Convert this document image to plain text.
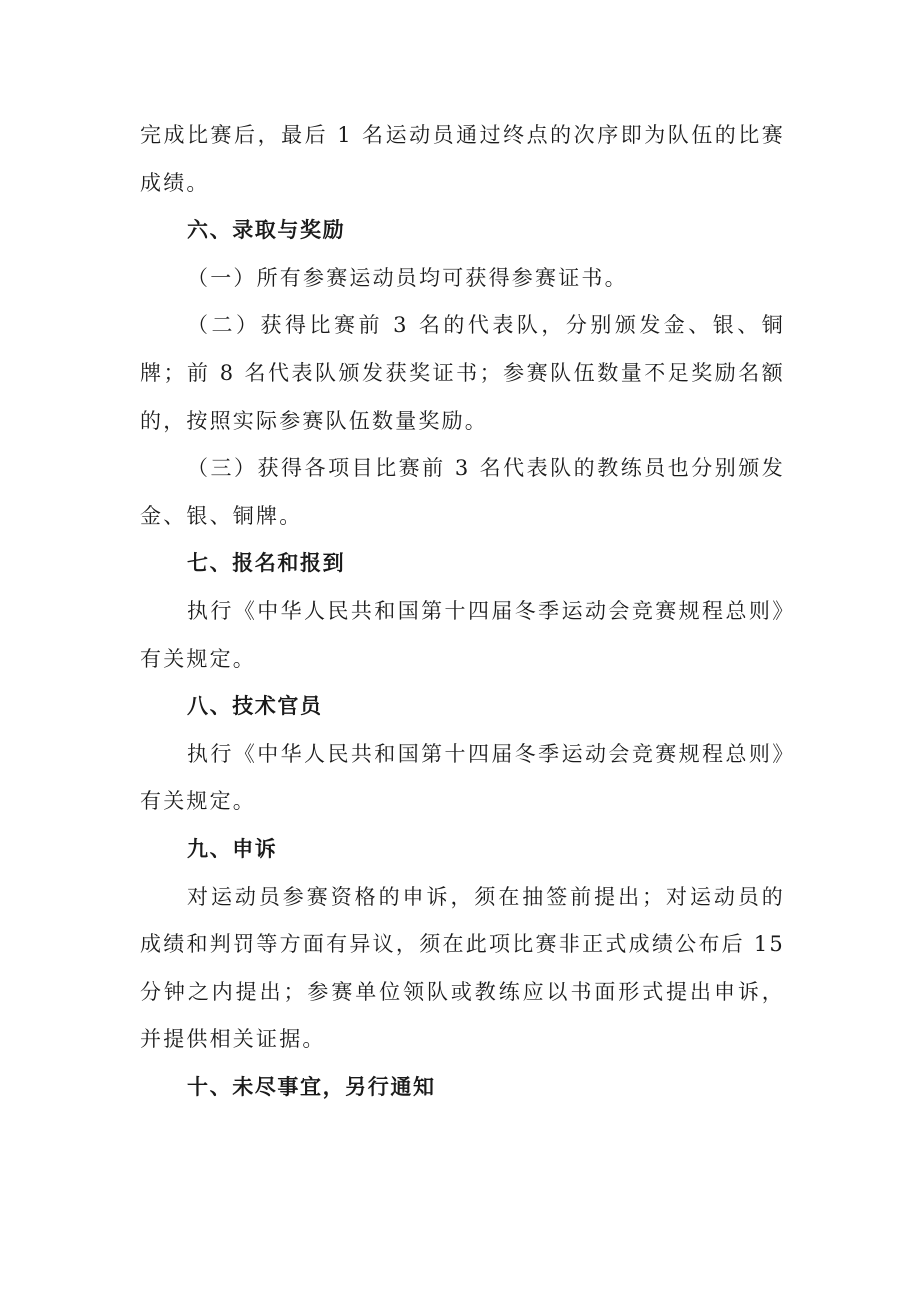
完成比赛后，最后 1 名运动员通过终点的次序即为队伍的比赛成绩。

六、录取与奖励

（一）所有参赛运动员均可获得参赛证书。

（二）获得比赛前 3 名的代表队，分别颁发金、银、铜牌；前 8 名代表队颁发获奖证书；参赛队伍数量不足奖励名额的，按照实际参赛队伍数量奖励。

（三）获得各项目比赛前 3 名代表队的教练员也分别颁发金、银、铜牌。

七、报名和报到

执行《中华人民共和国第十四届冬季运动会竞赛规程总则》有关规定。

八、技术官员

执行《中华人民共和国第十四届冬季运动会竞赛规程总则》有关规定。

九、申诉

对运动员参赛资格的申诉，须在抽签前提出；对运动员的成绩和判罚等方面有异议，须在此项比赛非正式成绩公布后 15 分钟之内提出；参赛单位领队或教练应以书面形式提出申诉，并提供相关证据。

十、未尽事宜，另行通知
